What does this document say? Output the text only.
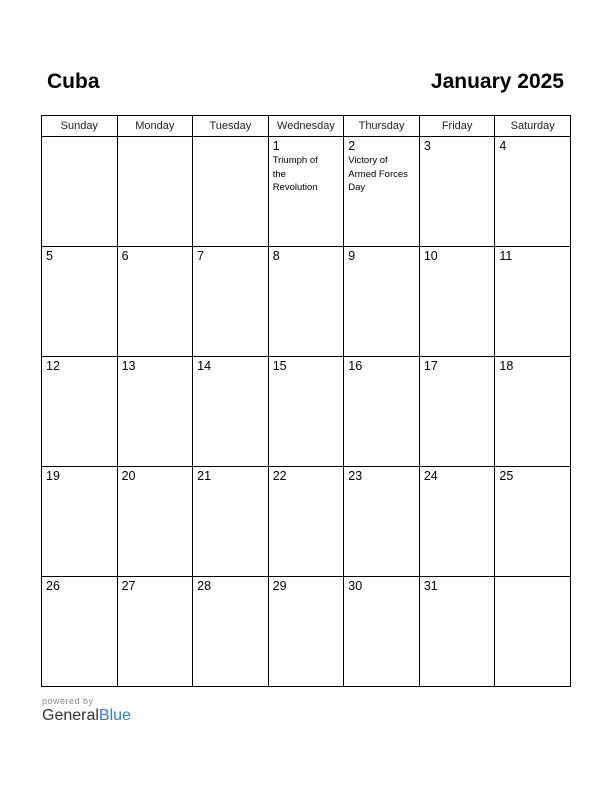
Cuba	January 2025
Sunday	Monday	Tuesday	Wednesday	Thursday	Friday	Saturday

			1
Triumph of
the
Revolution	2
Victory of
Armed Forces
Day	3	4

5	6	7	8	9	10	11

12	13	14	15	16	17	18

19	20	21	22	23	24	25

26	27	28	29	30	31	

powered by
GeneralBlue
